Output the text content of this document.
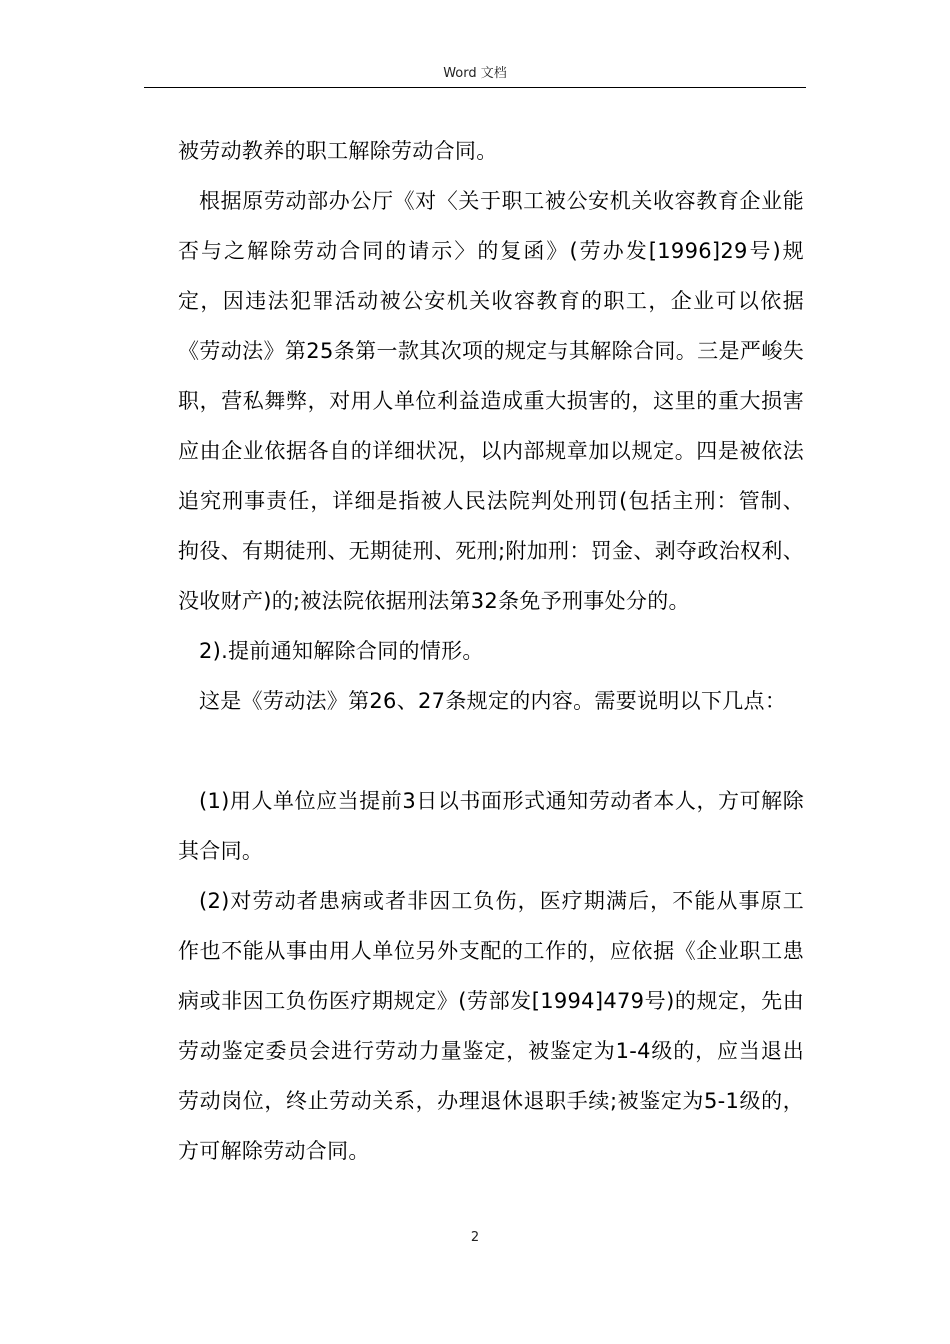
Word 文档

被劳动教养的职工解除劳动合同。

根据原劳动部办公厅《对〈关于职工被公安机关收容教育企业能否与之解除劳动合同的请示〉的复函》(劳办发[1996]29号)规定，因违法犯罪活动被公安机关收容教育的职工，企业可以依据《劳动法》第25条第一款其次项的规定与其解除合同。三是严峻失职，营私舞弊，对用人单位利益造成重大损害的，这里的重大损害应由企业依据各自的详细状况，以内部规章加以规定。四是被依法追究刑事责任，详细是指被人民法院判处刑罚(包括主刑：管制、拘役、有期徒刑、无期徒刑、死刑;附加刑：罚金、剥夺政治权利、没收财产)的;被法院依据刑法第32条免予刑事处分的。

2).提前通知解除合同的情形。

这是《劳动法》第26、27条规定的内容。需要说明以下几点：

(1)用人单位应当提前3日以书面形式通知劳动者本人，方可解除其合同。

(2)对劳动者患病或者非因工负伤，医疗期满后，不能从事原工作也不能从事由用人单位另外支配的工作的，应依据《企业职工患病或非因工负伤医疗期规定》(劳部发[1994]479号)的规定，先由劳动鉴定委员会进行劳动力量鉴定，被鉴定为1-4级的，应当退出劳动岗位，终止劳动关系，办理退休退职手续;被鉴定为5-1级的，方可解除劳动合同。

2
